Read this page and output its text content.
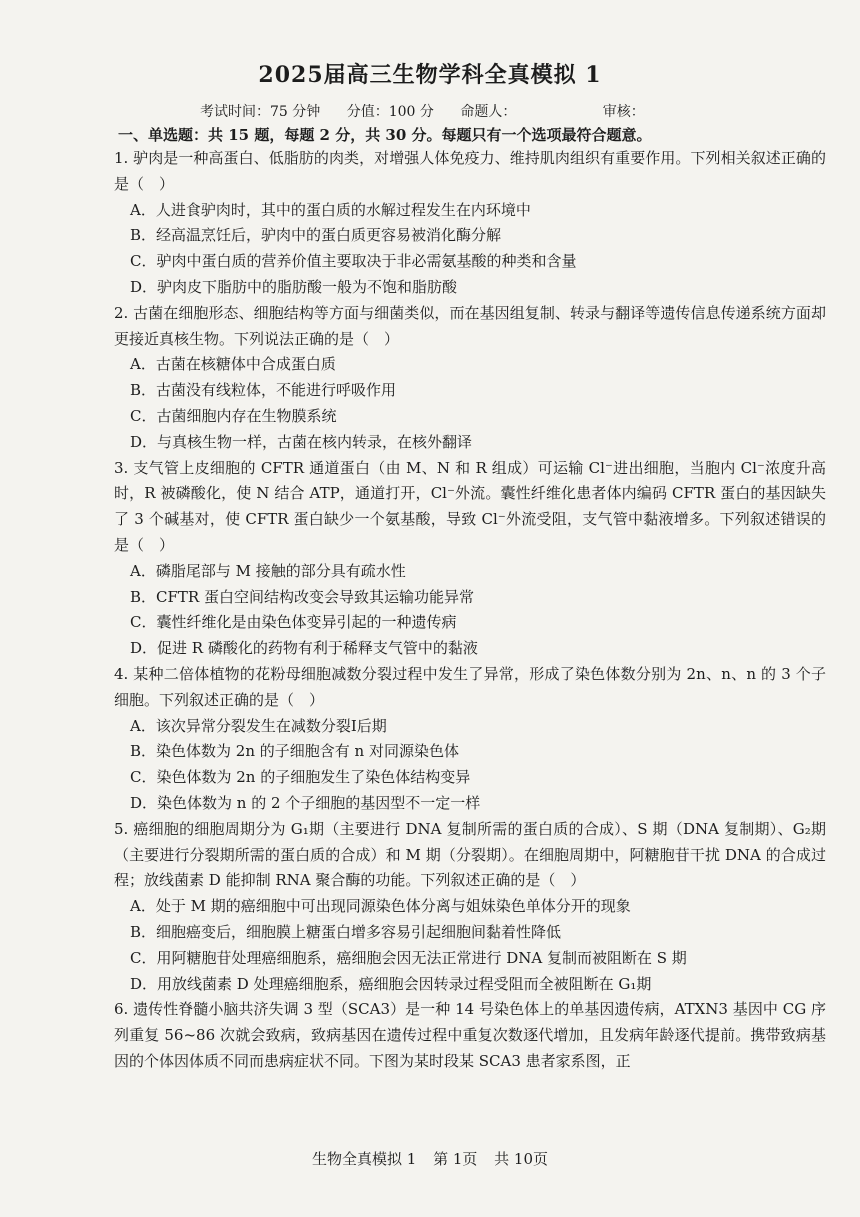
2025届高三生物学科全真模拟 1
考试时间：75 分钟 分值：100 分 命题人：	审核：
一、单选题：共 15 题，每题 2 分，共 30 分。每题只有一个选项最符合题意。

1. 驴肉是一种高蛋白、低脂肪的肉类，对增强人体免疫力、维持肌肉组织有重要作用。下列相关叙述正确的是（　）

A．人进食驴肉时，其中的蛋白质的水解过程发生在内环境中

B．经高温烹饪后，驴肉中的蛋白质更容易被消化酶分解

C．驴肉中蛋白质的营养价值主要取决于非必需氨基酸的种类和含量

D．驴肉皮下脂肪中的脂肪酸一般为不饱和脂肪酸

2. 古菌在细胞形态、细胞结构等方面与细菌类似，而在基因组复制、转录与翻译等遗传信息传递系统方面却更接近真核生物。下列说法正确的是（　）

A．古菌在核糖体中合成蛋白质

B．古菌没有线粒体，不能进行呼吸作用

C．古菌细胞内存在生物膜系统

D．与真核生物一样，古菌在核内转录，在核外翻译

3. 支气管上皮细胞的 CFTR 通道蛋白（由 M、N 和 R 组成）可运输 Cl⁻进出细胞，当胞内 Cl⁻浓度升高时，R 被磷酸化，使 N 结合 ATP，通道打开，Cl⁻外流。囊性纤维化患者体内编码 CFTR 蛋白的基因缺失了 3 个碱基对，使 CFTR 蛋白缺少一个氨基酸，导致 Cl⁻外流受阻，支气管中黏液增多。下列叙述错误的是（　）

A．磷脂尾部与 M 接触的部分具有疏水性

B．CFTR 蛋白空间结构改变会导致其运输功能异常

C．囊性纤维化是由染色体变异引起的一种遗传病

D．促进 R 磷酸化的药物有利于稀释支气管中的黏液

4. 某种二倍体植物的花粉母细胞减数分裂过程中发生了异常，形成了染色体数分别为 2n、n、n 的 3 个子细胞。下列叙述正确的是（　）

A．该次异常分裂发生在减数分裂Ⅰ后期

B．染色体数为 2n 的子细胞含有 n 对同源染色体

C．染色体数为 2n 的子细胞发生了染色体结构变异

D．染色体数为 n 的 2 个子细胞的基因型不一定一样

5. 癌细胞的细胞周期分为 G₁期（主要进行 DNA 复制所需的蛋白质的合成）、S 期（DNA 复制期）、G₂期（主要进行分裂期所需的蛋白质的合成）和 M 期（分裂期）。在细胞周期中，阿糖胞苷干扰 DNA 的合成过程；放线菌素 D 能抑制 RNA 聚合酶的功能。下列叙述正确的是（　）

A．处于 M 期的癌细胞中可出现同源染色体分离与姐妹染色单体分开的现象

B．细胞癌变后，细胞膜上糖蛋白增多容易引起细胞间黏着性降低

C．用阿糖胞苷处理癌细胞系，癌细胞会因无法正常进行 DNA 复制而被阻断在 S 期

D．用放线菌素 D 处理癌细胞系，癌细胞会因转录过程受阻而全被阻断在 G₁期

6. 遗传性脊髓小脑共济失调 3 型（SCA3）是一种 14 号染色体上的单基因遗传病，ATXN3 基因中 CG 序列重复 56~86 次就会致病，致病基因在遗传过程中重复次数逐代增加，且发病年龄逐代提前。携带致病基因的个体因体质不同而患病症状不同。下图为某时段某 SCA3 患者家系图，正

生物全真模拟 1 第 1页 共 10页
